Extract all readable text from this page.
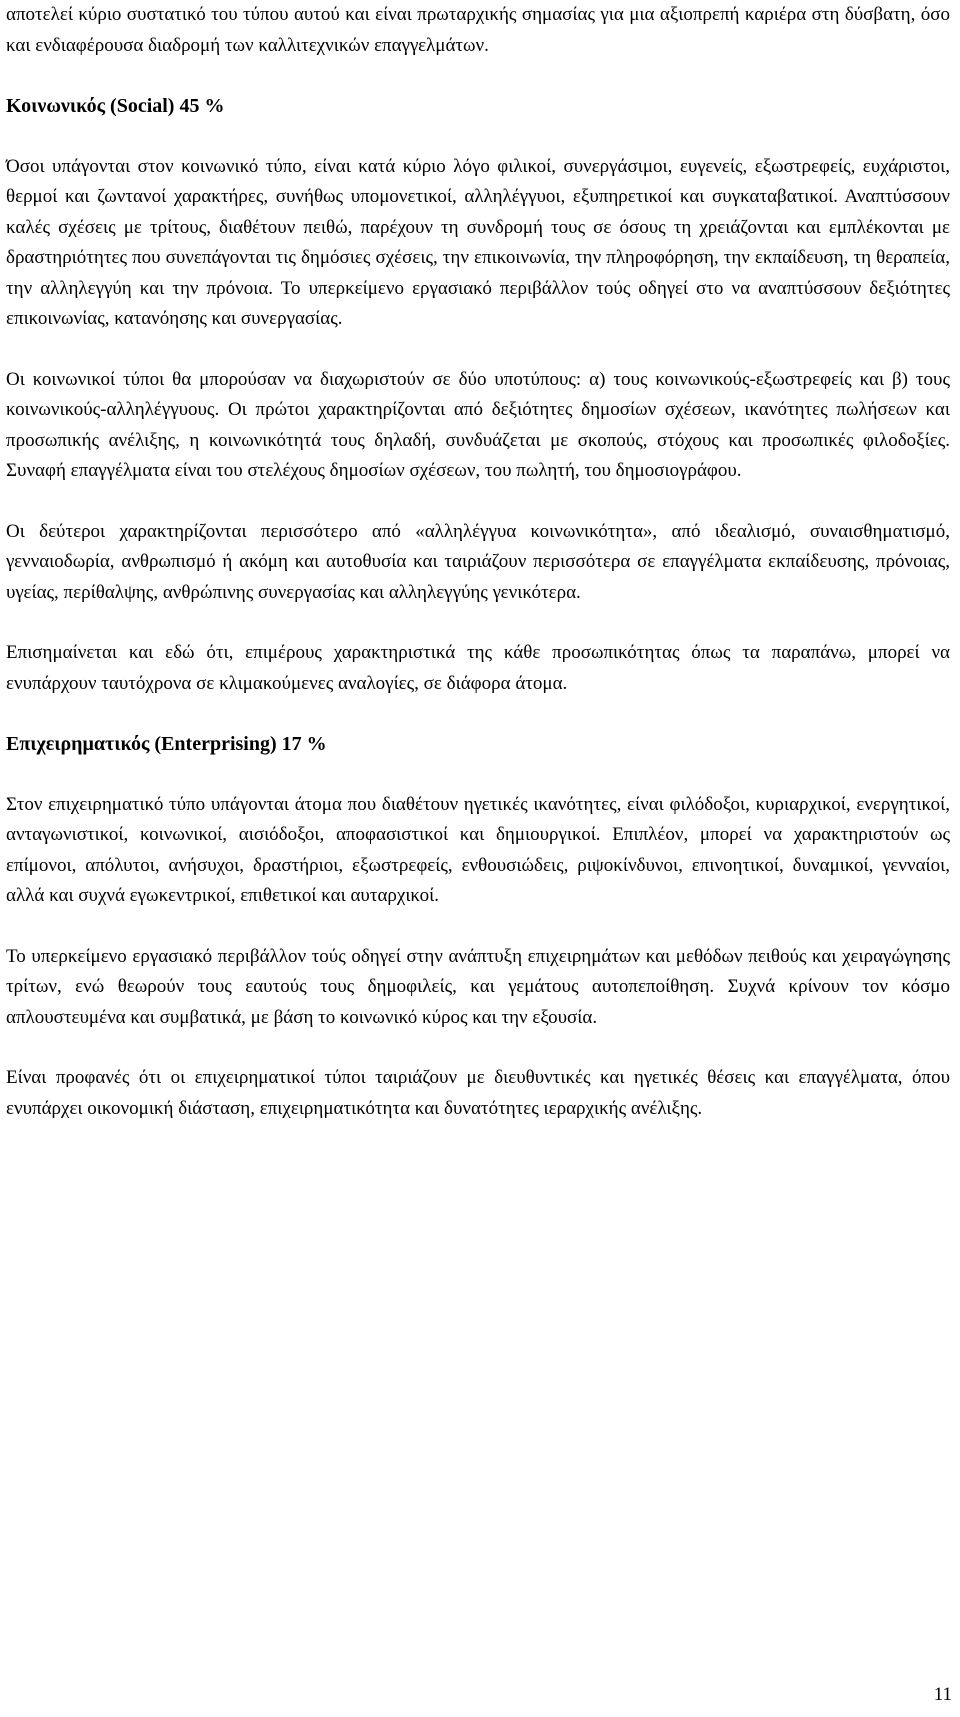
αποτελεί κύριο συστατικό του τύπου αυτού και είναι πρωταρχικής σημασίας για μια αξιοπρεπή καριέρα στη δύσβατη, όσο και ενδιαφέρουσα διαδρομή των καλλιτεχνικών επαγγελμάτων.

Κοινωνικός (Social) 45 %

Όσοι υπάγονται στον κοινωνικό τύπο, είναι κατά κύριο λόγο φιλικοί, συνεργάσιμοι, ευγενείς, εξωστρεφείς, ευχάριστοι, θερμοί και ζωντανοί χαρακτήρες, συνήθως υπομονετικοί, αλληλέγγυοι, εξυπηρετικοί και συγκαταβατικοί. Αναπτύσσουν καλές σχέσεις με τρίτους, διαθέτουν πειθώ, παρέχουν τη συνδρομή τους σε όσους τη χρειάζονται και εμπλέκονται με δραστηριότητες που συνεπάγονται τις δημόσιες σχέσεις, την επικοινωνία, την πληροφόρηση, την εκπαίδευση, τη θεραπεία, την αλληλεγγύη και την πρόνοια. Το υπερκείμενο εργασιακό περιβάλλον τούς οδηγεί στο να αναπτύσσουν δεξιότητες επικοινωνίας, κατανόησης και συνεργασίας.

Οι κοινωνικοί τύποι θα μπορούσαν να διαχωριστούν σε δύο υποτύπους: α) τους κοινωνικούς-εξωστρεφείς και β) τους κοινωνικούς-αλληλέγγυους. Οι πρώτοι χαρακτηρίζονται από δεξιότητες δημοσίων σχέσεων, ικανότητες πωλήσεων και προσωπικής ανέλιξης, η κοινωνικότητά τους δηλαδή, συνδυάζεται με σκοπούς, στόχους και προσωπικές φιλοδοξίες. Συναφή επαγγέλματα είναι του στελέχους δημοσίων σχέσεων, του πωλητή, του δημοσιογράφου.

Οι δεύτεροι χαρακτηρίζονται περισσότερο από «αλληλέγγυα κοινωνικότητα», από ιδεαλισμό, συναισθηματισμό, γενναιοδωρία, ανθρωπισμό ή ακόμη και αυτοθυσία και ταιριάζουν περισσότερα σε επαγγέλματα εκπαίδευσης, πρόνοιας, υγείας, περίθαλψης, ανθρώπινης συνεργασίας και αλληλεγγύης γενικότερα.

Επισημαίνεται και εδώ ότι, επιμέρους χαρακτηριστικά της κάθε προσωπικότητας όπως τα παραπάνω, μπορεί να ενυπάρχουν ταυτόχρονα σε κλιμακούμενες αναλογίες, σε διάφορα άτομα.

Επιχειρηματικός (Enterprising) 17 %

Στον επιχειρηματικό τύπο υπάγονται άτομα που διαθέτουν ηγετικές ικανότητες, είναι φιλόδοξοι, κυριαρχικοί, ενεργητικοί, ανταγωνιστικοί, κοινωνικοί, αισιόδοξοι, αποφασιστικοί και δημιουργικοί. Επιπλέον, μπορεί να χαρακτηριστούν ως επίμονοι, απόλυτοι, ανήσυχοι, δραστήριοι, εξωστρεφείς, ενθουσιώδεις, ριψοκίνδυνοι, επινοητικοί, δυναμικοί, γενναίοι, αλλά και συχνά εγωκεντρικοί, επιθετικοί και αυταρχικοί.

Το υπερκείμενο εργασιακό περιβάλλον τούς οδηγεί στην ανάπτυξη επιχειρημάτων και μεθόδων πειθούς και χειραγώγησης τρίτων, ενώ θεωρούν τους εαυτούς τους δημοφιλείς, και γεμάτους αυτοπεποίθηση. Συχνά κρίνουν τον κόσμο απλουστευμένα και συμβατικά, με βάση το κοινωνικό κύρος και την εξουσία.

Είναι προφανές ότι οι επιχειρηματικοί τύποι ταιριάζουν με διευθυντικές και ηγετικές θέσεις και επαγγέλματα, όπου ενυπάρχει οικονομική διάσταση, επιχειρηματικότητα και δυνατότητες ιεραρχικής ανέλιξης.

11
